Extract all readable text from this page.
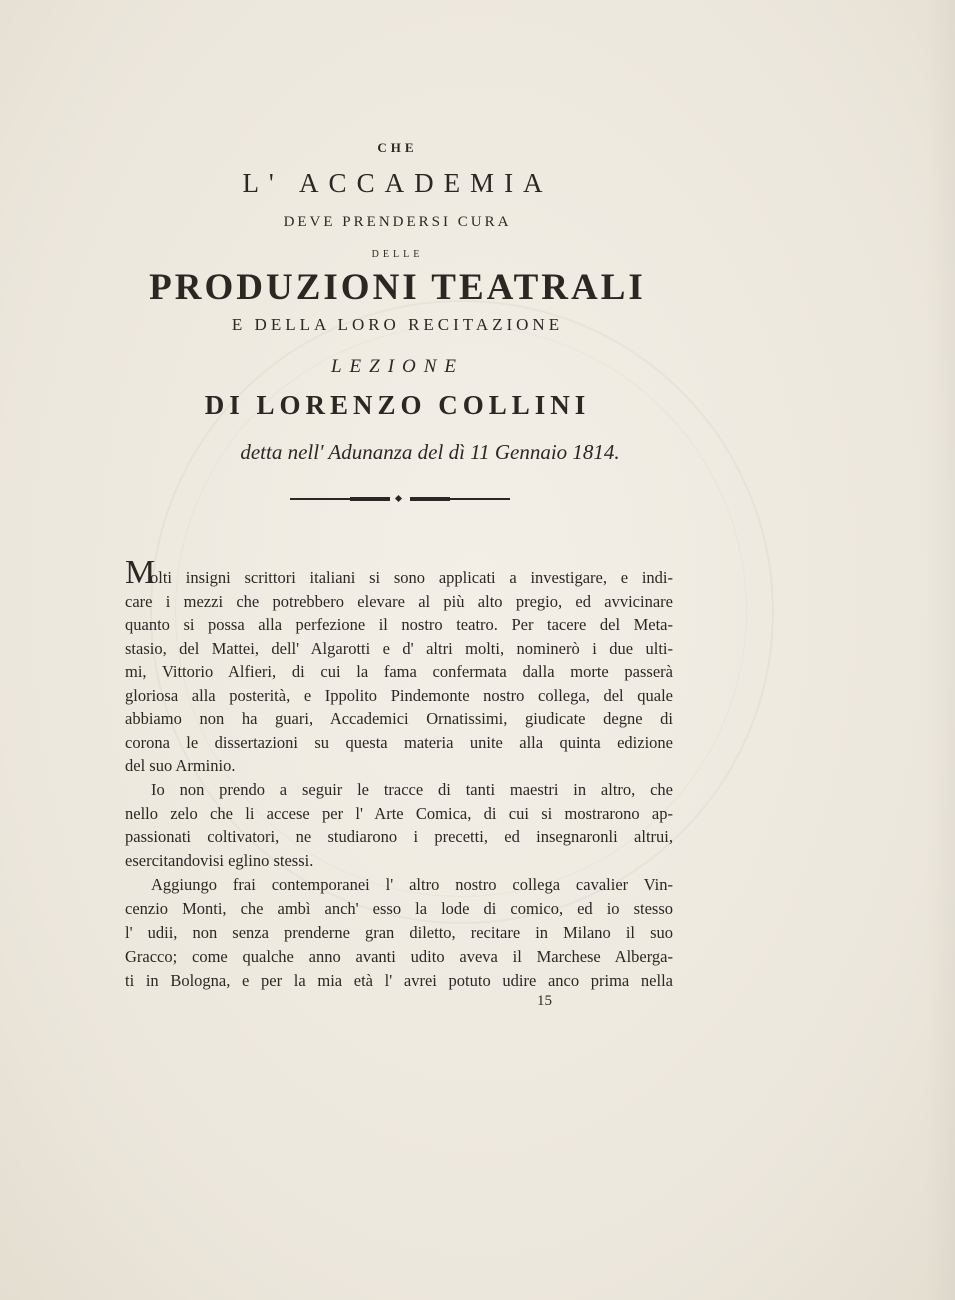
CHE
L' ACCADEMIA
DEVE PRENDERSI CURA
DELLE
PRODUZIONI TEATRALI
E DELLA LORO RECITAZIONE
LEZIONE
DI LORENZO COLLINI
detta nell' Adunanza del dì 11 Gennaio 1814.
M
olti insigni scrittori italiani si sono applicati a investigare, e indi-
care i mezzi che potrebbero elevare al più alto pregio, ed avvicinare
quanto si possa alla perfezione il nostro teatro. Per tacere del Meta-
stasio, del Mattei, dell' Algarotti e d' altri molti, nominerò i due ulti-
mi, Vittorio Alfieri, di cui la fama confermata dalla morte passerà
gloriosa alla posterità, e Ippolito Pindemonte nostro collega, del quale
abbiamo non ha guari, Accademici Ornatissimi, giudicate degne di
corona le dissertazioni su questa materia unite alla quinta edizione
del suo Arminio.
Io non prendo a seguir le tracce di tanti maestri in altro, che
nello zelo che li accese per l' Arte Comica, di cui si mostrarono ap-
passionati coltivatori, ne studiarono i precetti, ed insegnaronli altrui,
esercitandovisi eglino stessi.
Aggiungo frai contemporanei l' altro nostro collega cavalier Vin-
cenzio Monti, che ambì anch' esso la lode di comico, ed io stesso
l' udii, non senza prenderne gran diletto, recitare in Milano il suo
Gracco; come qualche anno avanti udito aveva il Marchese Alberga-
ti in Bologna, e per la mia età l' avrei potuto udire anco prima nella
15
